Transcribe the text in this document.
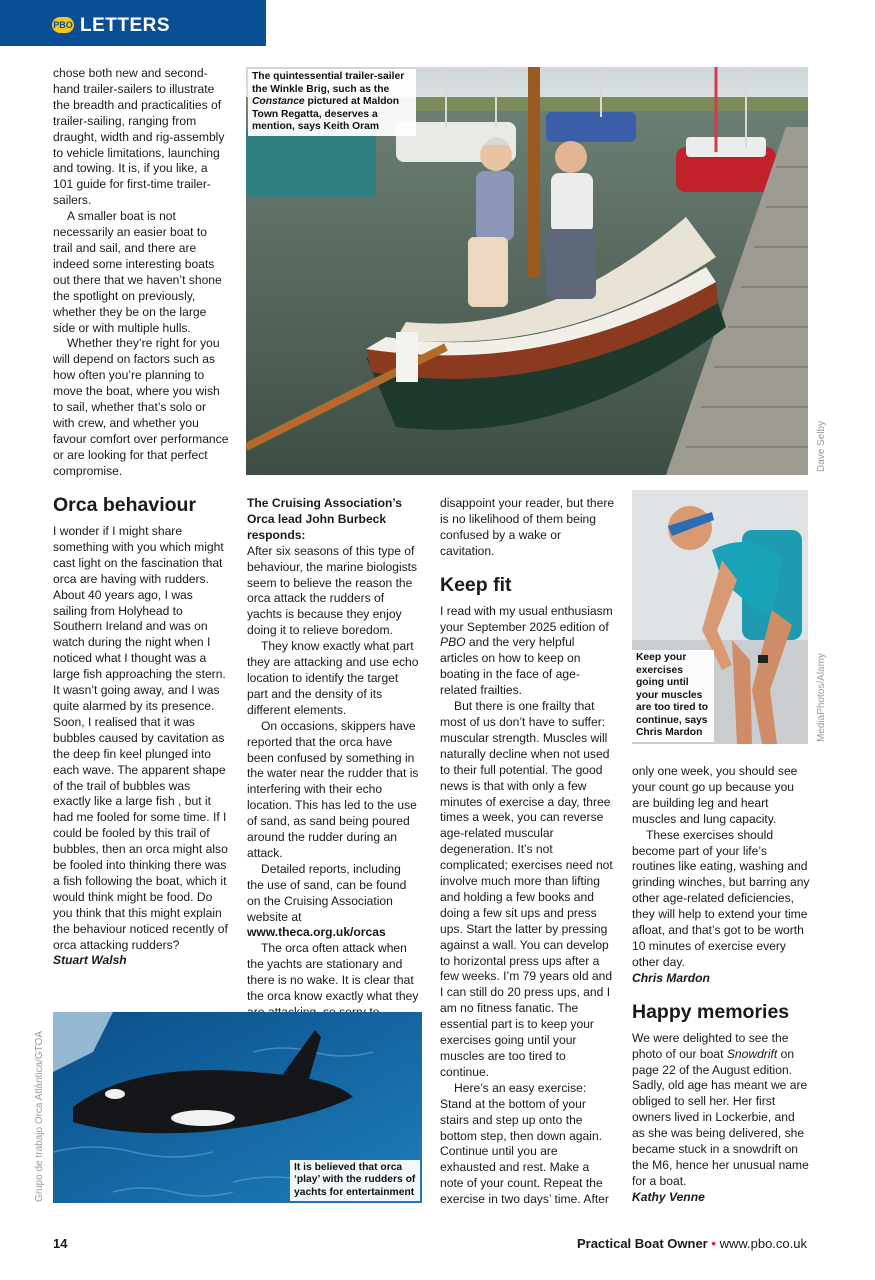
PBO LETTERS

chose both new and second-hand trailer-sailers to illustrate the breadth and practicalities of trailer-sailing, ranging from draught, width and rig-assembly to vehicle limitations, launching and towing. It is, if you like, a 101 guide for first-time trailer-sailers.

A smaller boat is not necessarily an easier boat to trail and sail, and there are indeed some interesting boats out there that we haven’t shone the spotlight on previously, whether they be on the large side or with multiple hulls.

Whether they’re right for you will depend on factors such as how often you’re planning to move the boat, where you wish to sail, whether that’s solo or with crew, and whether you favour comfort over performance or are looking for that perfect compromise.

The quintessential trailer-sailer the Winkle Brig, such as the Constance pictured at Maldon Town Regatta, deserves a mention, says Keith Oram
Dave Selby
Orca behaviour

I wonder if I might share something with you which might cast light on the fascination that orca are having with rudders. About 40 years ago, I was sailing from Holyhead to Southern Ireland and was on watch during the night when I noticed what I thought was a large fish approaching the stern. It wasn’t going away, and I was quite alarmed by its presence. Soon, I realised that it was bubbles caused by cavitation as the deep fin keel plunged into each wave. The apparent shape of the trail of bubbles was exactly like a large fish , but it had me fooled for some time. If I could be fooled by this trail of bubbles, then an orca might also be fooled into thinking there was a fish following the boat, which it would think might be food. Do you think that this might explain the behaviour noticed recently of orca attacking rudders?

Stuart Walsh

The Cruising Association’s Orca lead John Burbeck responds:

After six seasons of this type of behaviour, the marine biologists seem to believe the reason the orca attack the rudders of yachts is because they enjoy doing it to relieve boredom.

They know exactly what part they are attacking and use echo location to identify the target part and the density of its different elements.

On occasions, skippers have reported that the orca have been confused by something in the water near the rudder that is interfering with their echo location. This has led to the use of sand, as sand being poured around the rudder during an attack.

Detailed reports, including the use of sand, can be found on the Cruising Association website at www.theca.org.uk/orcas

The orca often attack when the yachts are stationary and there is no wake. It is clear that the orca know exactly what they

It is believed that orca ‘play’ with the rudders of yachts for entertainment
Grupo de trabajo Orca Atlántica/GTOA

disappoint your reader, but there is no likelihood of them being confused by a wake or cavitation.

Keep fit

I read with my usual enthusiasm your September 2025 edition of PBO and the very helpful articles on how to keep on boating in the face of age-related frailties.

But there is one frailty that most of us don’t have to suffer: muscular strength. Muscles will naturally decline when not used to their full potential. The good news is that with only a few minutes of exercise a day, three times a week, you can reverse age-related muscular degeneration. It’s not complicated; exercises need not involve much more than lifting and holding a few books and doing a few sit ups and press ups. Start the latter by pressing against a wall. You can develop to horizontal press ups after a few weeks. I’m 79 years old and I can still do 20 press ups, and I am no fitness fanatic. The essential part is to keep your exercises going until your muscles are too tired to continue.

Here’s an easy exercise: Stand at the bottom of your stairs and step up onto the bottom step, then down again. Continue until you are exhausted and rest. Make a note of your count. Repeat the exercise in two days’ time. After

Keep your exercises going until your muscles are too tired to continue, says Chris Mardon	MediaPhotos/Alamy

only one week, you should see your count go up because you are building leg and heart muscles and lung capacity.

These exercises should become part of your life’s routines like eating, washing and grinding winches, but barring any other age-related deficiencies, they will help to extend your time afloat, and that’s got to be worth 10 minutes of exercise every other day.

Chris Mardon

Happy memories

We were delighted to see the photo of our boat Snowdrift on page 22 of the August edition. Sadly, old age has meant we are obliged to sell her. Her first owners lived in Lockerbie, and as she was being delivered, she became stuck in a snowdrift on the M6, hence her unusual name for a boat.

Kathy Venne

14	Practical Boat Owner • www.pbo.co.uk
